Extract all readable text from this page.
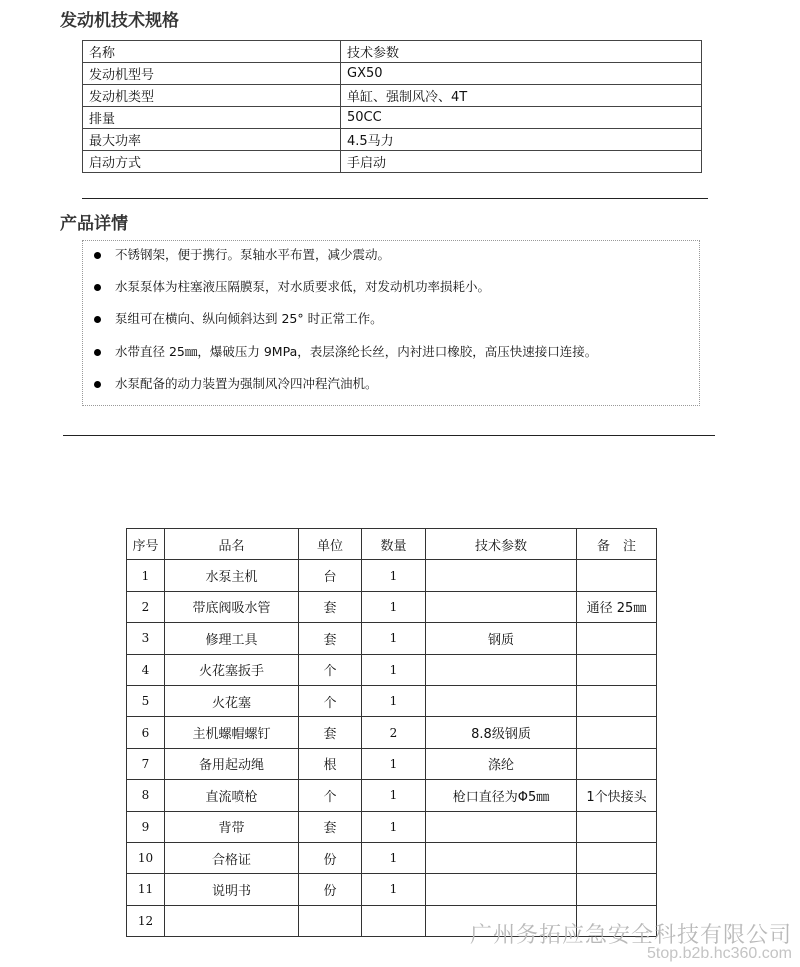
发动机技术规格
名称	技术参数
发动机型号	GX50
发动机类型	单缸、强制风冷、4T
排量	50CC
最大功率	4.5马力
启动方式	手启动
产品详情
不锈钢架，便于携行。泵轴水平布置，减少震动。
水泵泵体为柱塞液压隔膜泵，对水质要求低，对发动机功率损耗小。
泵组可在横向、纵向倾斜达到 25° 时正常工作。
水带直径 25㎜，爆破压力 9MPa，表层涤纶长丝，内衬进口橡胶，高压快速接口连接。
水泵配备的动力装置为强制风冷四冲程汽油机。
序号	品名	单位	数量	技术参数	备　注
1	水泵主机	台	1		
2	带底阀吸水管	套	1		通径 25㎜
3	修理工具	套	1	钢质	
4	火花塞扳手	个	1		
5	火花塞	个	1		
6	主机螺帽螺钉	套	2	8.8级钢质	
7	备用起动绳	根	1	涤纶	
8	直流喷枪	个	1	枪口直径为Φ5㎜	1个快接头
9	背带	套	1		
10	合格证	份	1		
11	说明书	份	1		
12					
广州务拓应急安全科技有限公司
5top.b2b.hc360.com
